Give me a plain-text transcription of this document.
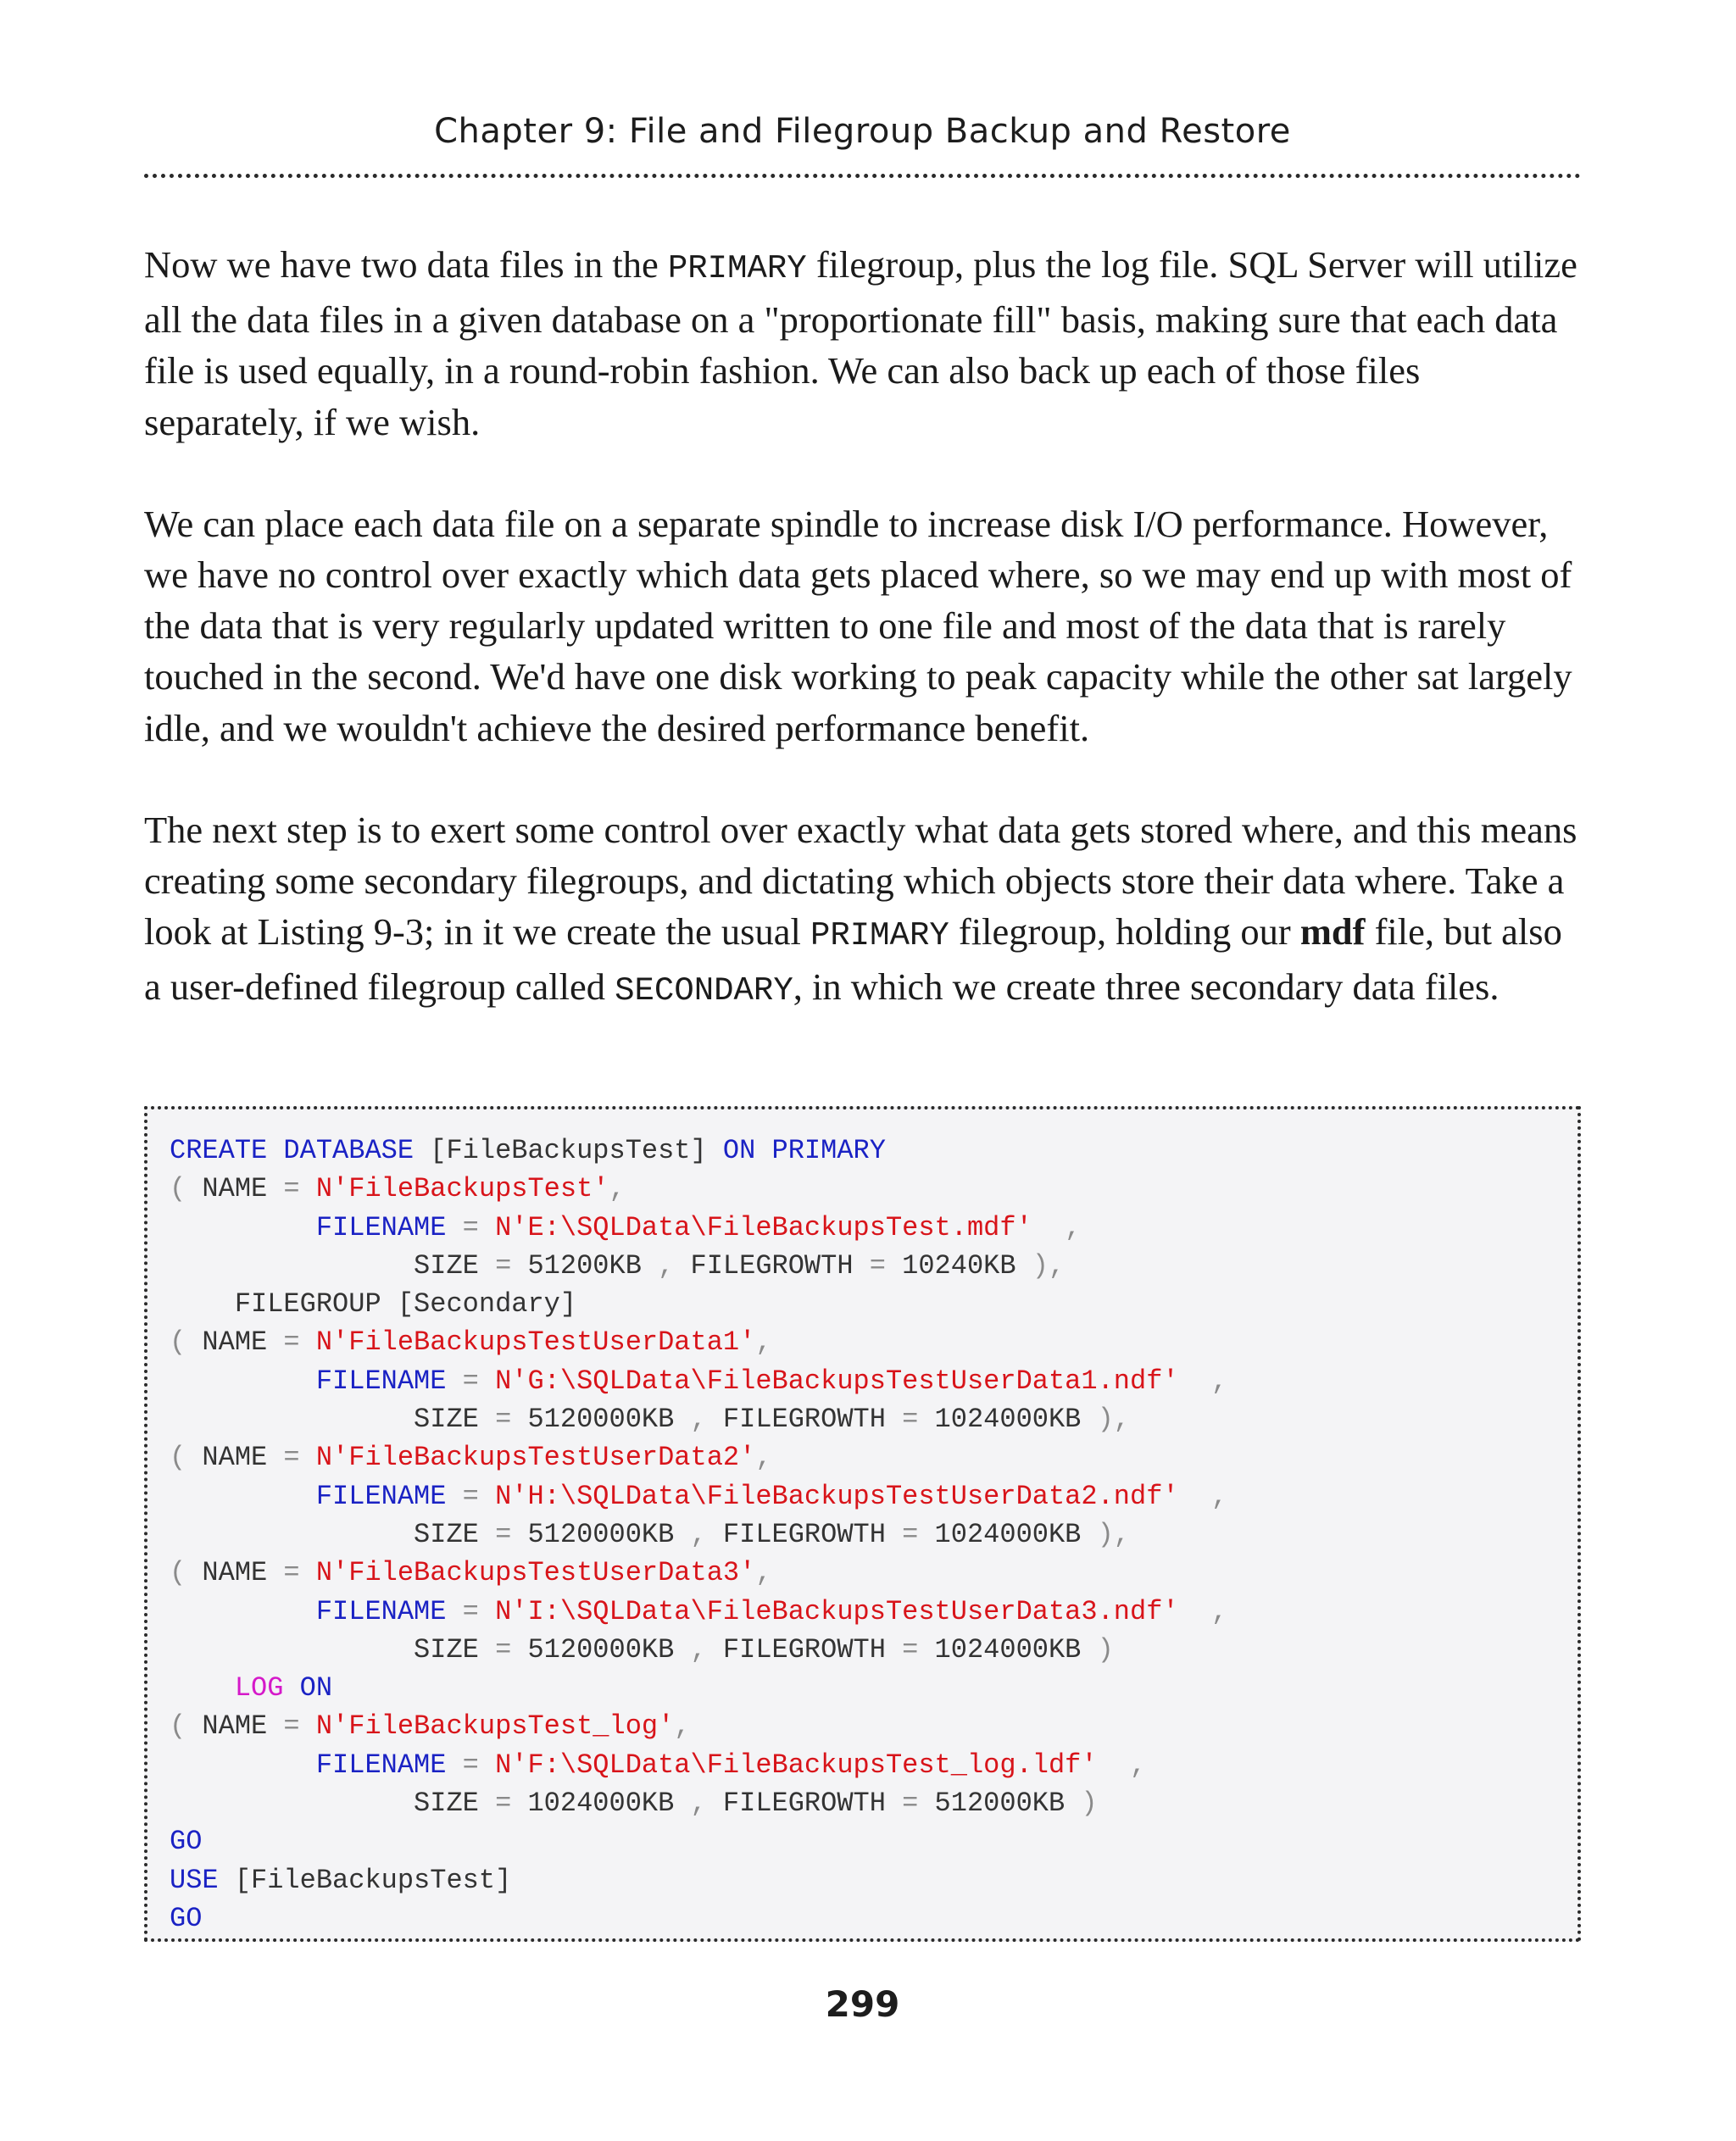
Chapter 9: File and Filegroup Backup and Restore

Now we have two data files in the PRIMARY filegroup, plus the log file. SQL Server will utilize all the data files in a given database on a "proportionate fill" basis, making sure that each data file is used equally, in a round-robin fashion. We can also back up each of those files separately, if we wish.

We can place each data file on a separate spindle to increase disk I/O performance. However, we have no control over exactly which data gets placed where, so we may end up with most of the data that is very regularly updated written to one file and most of the data that is rarely touched in the second. We'd have one disk working to peak capacity while the other sat largely idle, and we wouldn't achieve the desired performance benefit.

The next step is to exert some control over exactly what data gets stored where, and this means creating some secondary filegroups, and dictating which objects store their data where. Take a look at Listing 9-3; in it we create the usual PRIMARY filegroup, holding our mdf file, but also a user-defined filegroup called SECONDARY, in which we create three secondary data files.

CREATE DATABASE [FileBackupsTest] ON PRIMARY
( NAME = N'FileBackupsTest',
FILENAME = N'E:\SQLData\FileBackupsTest.mdf'  ,
SIZE = 51200KB , FILEGROWTH = 10240KB ),
FILEGROUP [Secondary]
( NAME = N'FileBackupsTestUserData1',
FILENAME = N'G:\SQLData\FileBackupsTestUserData1.ndf'  ,
SIZE = 5120000KB , FILEGROWTH = 1024000KB ),
( NAME = N'FileBackupsTestUserData2',
FILENAME = N'H:\SQLData\FileBackupsTestUserData2.ndf'  ,
SIZE = 5120000KB , FILEGROWTH = 1024000KB ),
( NAME = N'FileBackupsTestUserData3',
FILENAME = N'I:\SQLData\FileBackupsTestUserData3.ndf'  ,
SIZE = 5120000KB , FILEGROWTH = 1024000KB )
LOG ON
( NAME = N'FileBackupsTest_log',
FILENAME = N'F:\SQLData\FileBackupsTest_log.ldf'  ,
SIZE = 1024000KB , FILEGROWTH = 512000KB )
GO
USE [FileBackupsTest]
GO
299
